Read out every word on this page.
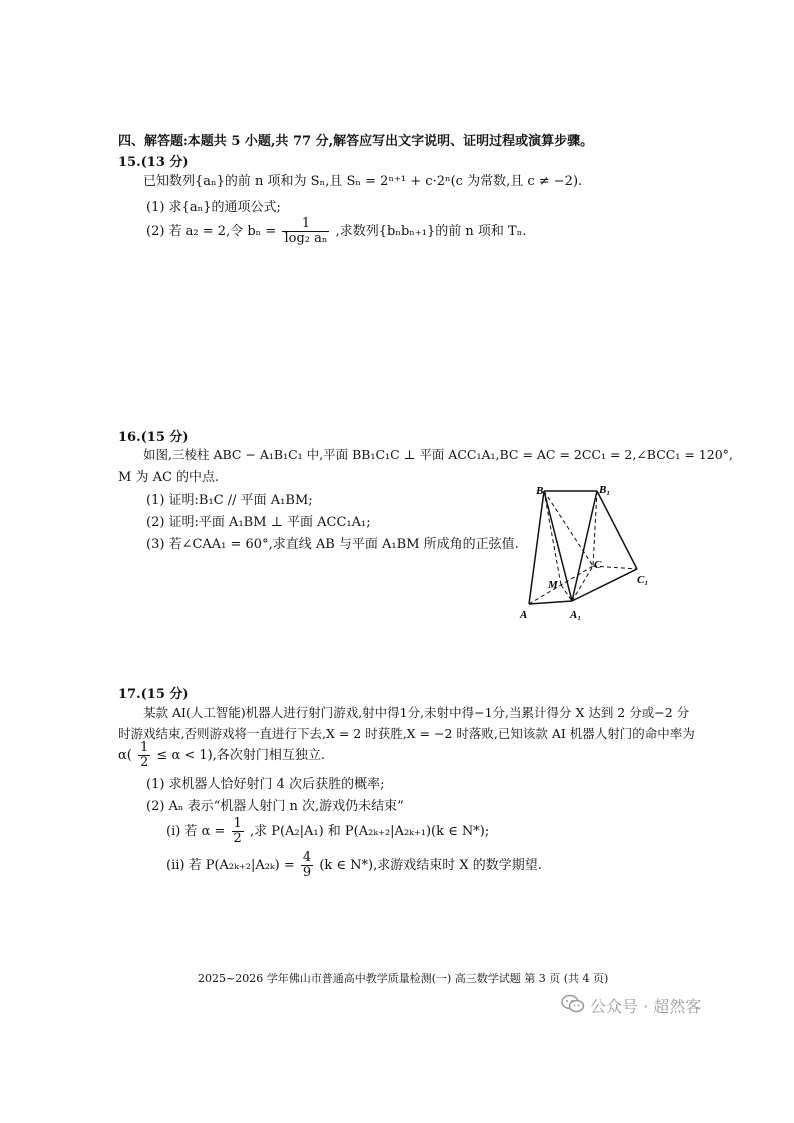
四、解答题:本题共 5 小题,共 77 分,解答应写出文字说明、证明过程或演算步骤。
15.(13 分)
已知数列{aₙ}的前 n 项和为 Sₙ,且 Sₙ = 2ⁿ⁺¹ + c·2ⁿ(c 为常数,且 c ≠ −2).
(1) 求{aₙ}的通项公式;
(2) 若 a₂ = 2,令 $b_n = \frac{1}{\text{log₂ aₙ}}$ ,求数列{bₙbₙ₊₁}的前 n 项和 Tₙ.
16.(15 分)
如图,三棱柱 ABC − A₁B₁C₁ 中,平面 BB₁C₁C ⊥ 平面 ACC₁A₁,BC = AC = 2CC₁ = 2,∠BCC₁ = 120°,
M 为 AC 的中点.
(1) 证明:B₁C // 平面 A₁BM;
(2) 证明:平面 A₁BM ⊥ 平面 ACC₁A₁;
(3) 若∠CAA₁ = 60°,求直线 AB 与平面 A₁BM 所成角的正弦值.
B	B₁
C
C₁
M
A	A₁
17.(15 分)
某款 AI(人工智能)机器人进行射门游戏,射中得1分,未射中得−1分,当累计得分 X 达到 2 分或−2 分
时游戏结束,否则游戏将一直进行下去,X = 2 时获胜,X = −2 时落败,已知该款 AI 机器人射门的命中率为
$\alpha( \frac{1}{2} \le \alpha < 1)$,各次射门相互独立.
(1) 求机器人恰好射门 4 次后获胜的概率;
(2) Aₙ 表示“机器人射门 n 次,游戏仍未结束”
(i) 若 $\alpha = \frac{1}{2}$ ,求 P(A₂|A₁) 和 P(A₂ₖ₊₂|A₂ₖ₊₁)(k ∈ N*);
(ii) 若 $P(A_{2k+2}|A_{2k}) = \frac{4}{9} (k$ ∈ N*),求游戏结束时 X 的数学期望.
2025~2026 学年佛山市普通高中教学质量检测(一) 高三数学试题 第 3 页 (共 4 页)
公众号 · 超然客
